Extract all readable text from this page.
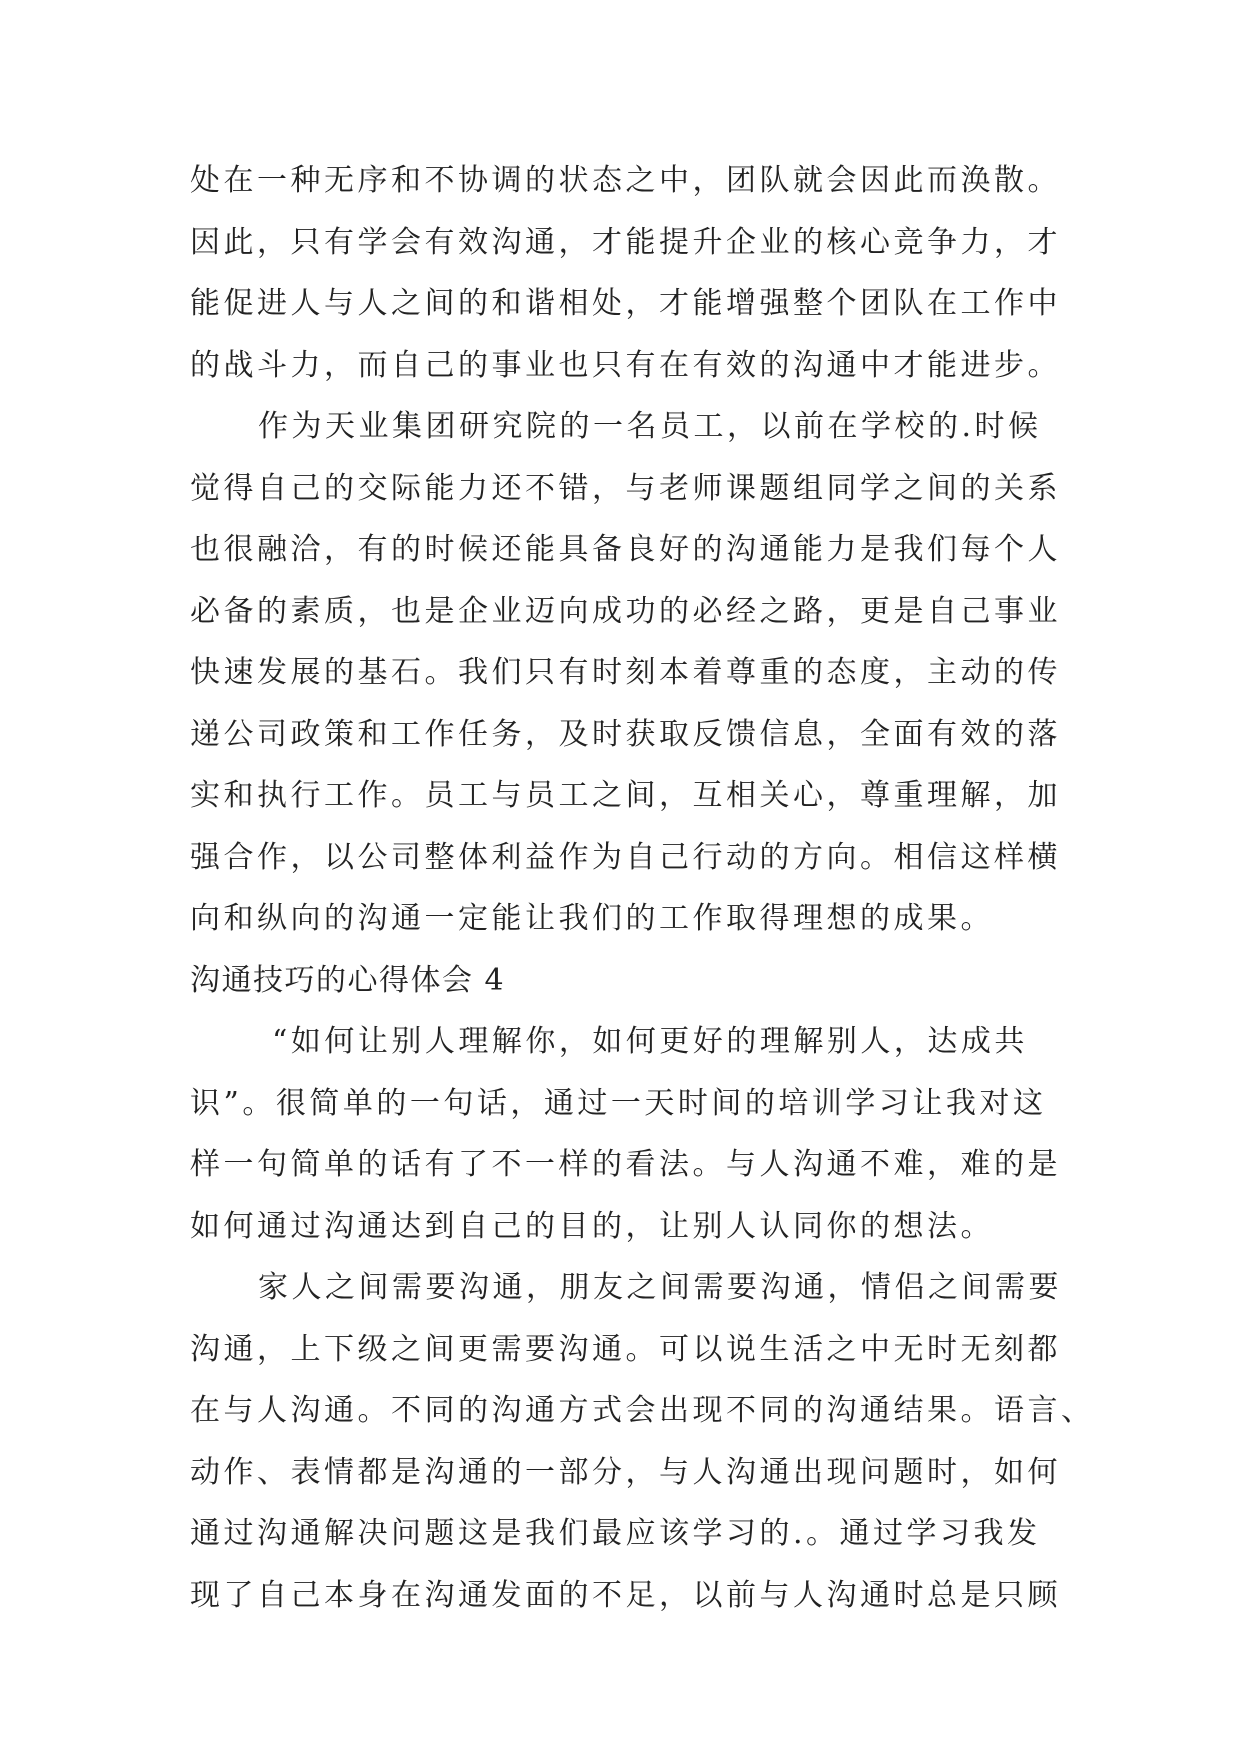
处在一种无序和不协调的状态之中，团队就会因此而涣散。
因此，只有学会有效沟通，才能提升企业的核心竞争力，才
能促进人与人之间的和谐相处，才能增强整个团队在工作中
的战斗力，而自己的事业也只有在有效的沟通中才能进步。
作为天业集团研究院的一名员工，以前在学校的.时候
觉得自己的交际能力还不错，与老师课题组同学之间的关系
也很融洽，有的时候还能具备良好的沟通能力是我们每个人
必备的素质，也是企业迈向成功的必经之路，更是自己事业
快速发展的基石。我们只有时刻本着尊重的态度，主动的传
递公司政策和工作任务，及时获取反馈信息，全面有效的落
实和执行工作。员工与员工之间，互相关心，尊重理解，加
强合作，以公司整体利益作为自己行动的方向。相信这样横
向和纵向的沟通一定能让我们的工作取得理想的成果。
沟通技巧的心得体会 4
“如何让别人理解你，如何更好的理解别人，达成共
识”。很简单的一句话，通过一天时间的培训学习让我对这
样一句简单的话有了不一样的看法。与人沟通不难，难的是
如何通过沟通达到自己的目的，让别人认同你的想法。
家人之间需要沟通，朋友之间需要沟通，情侣之间需要
沟通，上下级之间更需要沟通。可以说生活之中无时无刻都
在与人沟通。不同的沟通方式会出现不同的沟通结果。语言、
动作、表情都是沟通的一部分，与人沟通出现问题时，如何
通过沟通解决问题这是我们最应该学习的.。通过学习我发
现了自己本身在沟通发面的不足，以前与人沟通时总是只顾
